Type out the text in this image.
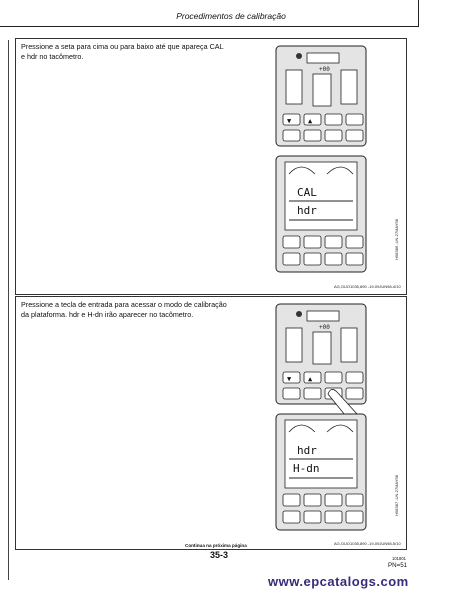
Procedimentos de calibração
Pressione a seta para cima ou para baixo até que apareça CAL e hdr no tacômetro.
+00
▼ ▲
CAL
hdr
H58386 -UN-27MAY98
AG,OUO1035,890 -19-09JUN98-4/10
Pressione a tecla de entrada para acessar o modo de calibração da plataforma. hdr e H-dn irão aparecer no tacômetro.
+00
▼ ▲
hdr
H-dn
H58387 -UN-27MAY98
AG,OUO1035,890 -19-09JUN98-5/10
Continua na próxima página
35-3	101801
PN=51
www.epcatalogs.com
